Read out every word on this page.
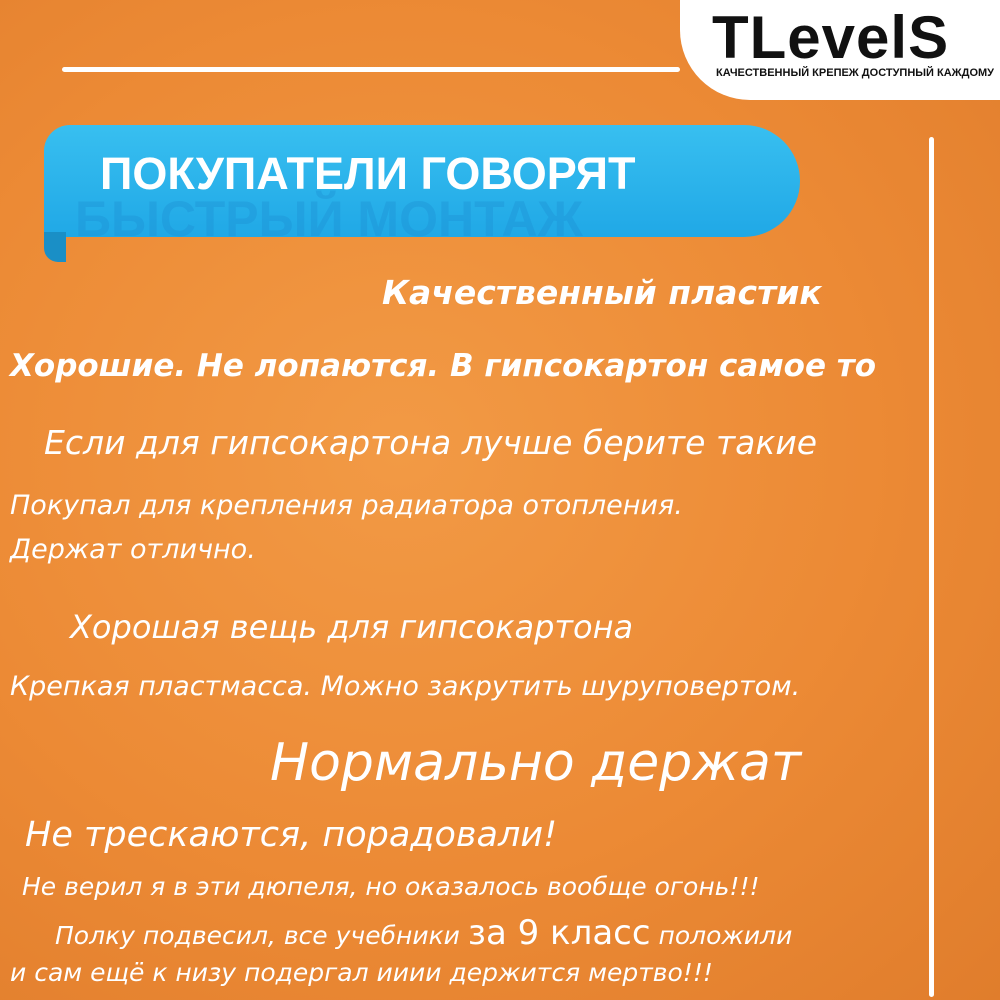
TLevelS
КАЧЕСТВЕННЫЙ КРЕПЕЖ ДОСТУПНЫЙ КАЖДОМУ
БЫСТРЫЙ МОНТАЖ
ПОКУПАТЕЛИ ГОВОРЯТ
Качественный пластик
Хорошие. Не лопаются. В гипсокартон самое то
Если для гипсокартона лучше берите такие
Покупал для крепления радиатора отопления.
Держат отлично.
Хорошая вещь для гипсокартона
Крепкая пластмасса. Можно закрутить шуруповертом.
Нормально держат
Не трескаются, порадовали!
Не верил я в эти дюпеля, но оказалось вообще огонь!!!
Полку подвесил, все учебники за 9 класс положили
и сам ещё к низу подергал ииии держится мертво!!!
